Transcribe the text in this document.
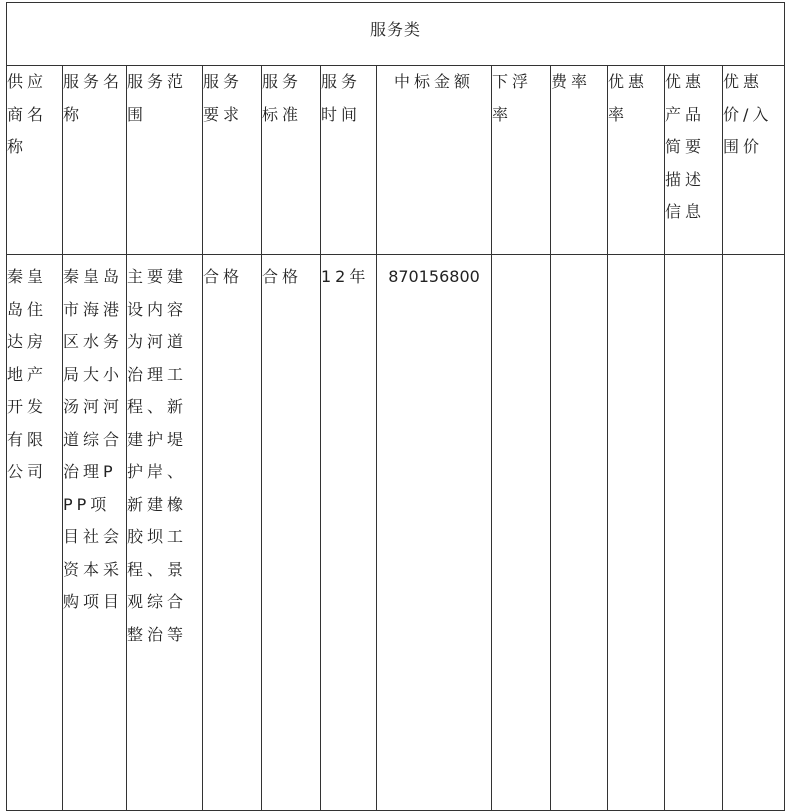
服务类											

供应商名称	服务名称	服务范围	服务要求	服务标准	服务时间	中标金额	下浮率	费率	优惠率	优惠产品简要描述信息	优惠价/入围价

秦皇岛住达房地产开发有限公司	秦皇岛市海港区水务局大小汤河河道综合治理PPP项目社会资本采购项目	主要建设内容为河道治理工程、新建护堤护岸、新建橡胶坝工程、景观综合整治等	合格	合格	12年	870156800					
